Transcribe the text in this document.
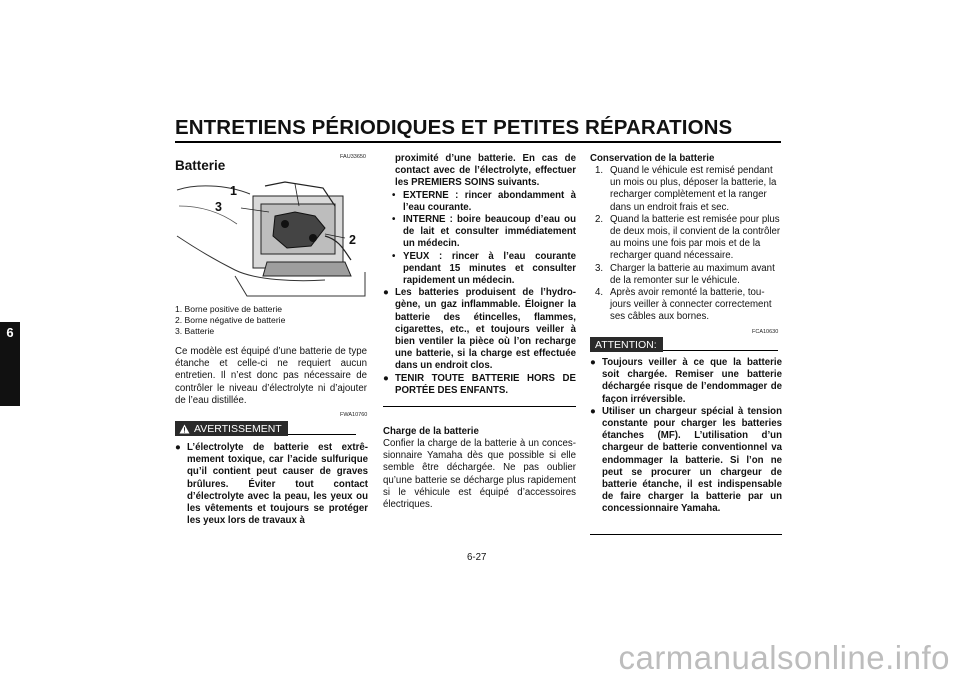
ENTRETIENS PÉRIODIQUES ET PETITES RÉPARATIONS
6
FAU33650
Batterie
1
3
2
1. Borne positive de batterie
2. Borne négative de batterie
3. Batterie

Ce modèle est équipé d’une batterie de type étanche et celle-ci ne requiert aucun entretien. Il n’est donc pas nécessaire de contrôler le niveau d’électrolyte ni d’ajouter de l’eau distillée.

FWA10760
AVERTISSEMENT
● L’électrolyte de batterie est extrêmement toxique, car l’acide sulfurique qu’il contient peut causer de graves brûlures. Éviter tout contact d’électrolyte avec la peau, les yeux ou les vêtements et toujours se protéger les yeux lors de travaux à
proximité d’une batterie. En cas de contact avec de l’électrolyte, effectuer les PREMIERS SOINS suivants.
• EXTERNE : rincer abondamment à l’eau courante.
• INTERNE : boire beaucoup d’eau ou de lait et consulter immédiatement un médecin.
• YEUX : rincer à l’eau courante pendant 15 minutes et consulter rapidement un médecin.
● Les batteries produisent de l’hydrogène, un gaz inflammable. Éloigner la batterie des étincelles, flammes, cigarettes, etc., et toujours veiller à bien ventiler la pièce où l’on recharge une batterie, si la charge est effectuée dans un endroit clos.
● TENIR TOUTE BATTERIE HORS DE PORTÉE DES ENFANTS.
Charge de la batterie

Confier la charge de la batterie à un concessionnaire Yamaha dès que possible si elle semble être déchargée. Ne pas oublier qu’une batterie se décharge plus rapidement si le véhicule est équipé d’accessoires électriques.

Conservation de la batterie
1. Quand le véhicule est remisé pendant un mois ou plus, déposer la batterie, la recharger complètement et la ranger dans un endroit frais et sec.
2. Quand la batterie est remisée pour plus de deux mois, il convient de la contrôler au moins une fois par mois et de la recharger quand nécessaire.
3. Charger la batterie au maximum avant de la remonter sur le véhicule.
4. Après avoir remonté la batterie, toujours veiller à connecter correctement ses câbles aux bornes.
FCA10630
ATTENTION:
● Toujours veiller à ce que la batterie soit chargée. Remiser une batterie déchargée risque de l’endommager de façon irréversible.
● Utiliser un chargeur spécial à tension constante pour charger les batteries étanches (MF). L’utilisation d’un chargeur de batterie conventionnel va endommager la batterie. Si l’on ne peut se procurer un chargeur de batterie étanche, il est indispensable de faire charger la batterie par un concessionnaire Yamaha.
6-27
carmanualsonline.info
